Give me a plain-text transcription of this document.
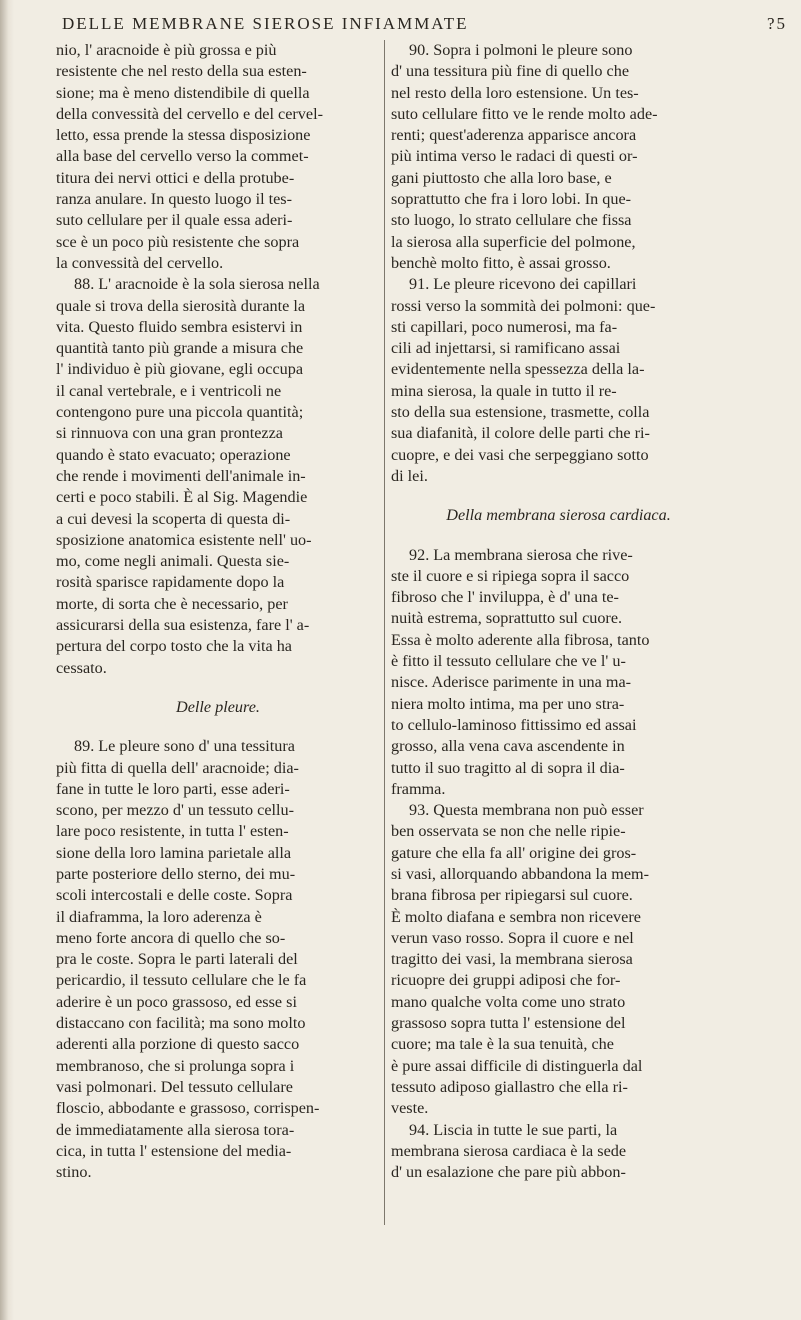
DELLE MEMBRANE SIEROSE INFIAMMATE	?5
nio, l' aracnoide è più grossa e più
resistente che nel resto della sua esten-
sione; ma è meno distendibile di quella
della convessità del cervello e del cervel-
letto, essa prende la stessa disposizione
alla base del cervello verso la commet-
titura dei nervi ottici e della protube-
ranza anulare. In questo luogo il tes-
suto cellulare per il quale essa aderi-
sce è un poco più resistente che sopra
la convessità del cervello.
88. L' aracnoide è la sola sierosa nella
quale si trova della sierosità durante la
vita. Questo fluido sembra esistervi in
quantità tanto più grande a misura che
l' individuo è più giovane, egli occupa
il canal vertebrale, e i ventricoli ne
contengono pure una piccola quantità;
si rinnuova con una gran prontezza
quando è stato evacuato; operazione
che rende i movimenti dell'animale in-
certi e poco stabili. È al Sig. Magendie
a cui devesi la scoperta di questa di-
sposizione anatomica esistente nell' uo-
mo, come negli animali. Questa sie-
rosità sparisce rapidamente dopo la
morte, di sorta che è necessario, per
assicurarsi della sua esistenza, fare l' a-
pertura del corpo tosto che la vita ha
cessato.
Delle pleure.
89. Le pleure sono d' una tessitura
più fitta di quella dell' aracnoide; dia-
fane in tutte le loro parti, esse aderi-
scono, per mezzo d' un tessuto cellu-
lare poco resistente, in tutta l' esten-
sione della loro lamina parietale alla
parte posteriore dello sterno, dei mu-
scoli intercostali e delle coste. Sopra
il diaframma, la loro aderenza è
meno forte ancora di quello che so-
pra le coste. Sopra le parti laterali del
pericardio, il tessuto cellulare che le fa
aderire è un poco grassoso, ed esse si
distaccano con facilità; ma sono molto
aderenti alla porzione di questo sacco
membranoso, che si prolunga sopra i
vasi polmonari. Del tessuto cellulare
floscio, abbodante e grassoso, corrispen-
de immediatamente alla sierosa tora-
cica, in tutta l' estensione del media-
stino.
90. Sopra i polmoni le pleure sono
d' una tessitura più fine di quello che
nel resto della loro estensione. Un tes-
suto cellulare fitto ve le rende molto ade-
renti; quest'aderenza apparisce ancora
più intima verso le radaci di questi or-
gani piuttosto che alla loro base, e
soprattutto che fra i loro lobi. In que-
sto luogo, lo strato cellulare che fissa
la sierosa alla superficie del polmone,
benchè molto fitto, è assai grosso.
91. Le pleure ricevono dei capillari
rossi verso la sommità dei polmoni: que-
sti capillari, poco numerosi, ma fa-
cili ad injettarsi, si ramificano assai
evidentemente nella spessezza della la-
mina sierosa, la quale in tutto il re-
sto della sua estensione, trasmette, colla
sua diafanità, il colore delle parti che ri-
cuopre, e dei vasi che serpeggiano sotto
di lei.
Della membrana sierosa cardiaca.
92. La membrana sierosa che rive-
ste il cuore e si ripiega sopra il sacco
fibroso che l' inviluppa, è d' una te-
nuità estrema, soprattutto sul cuore.
Essa è molto aderente alla fibrosa, tanto
è fitto il tessuto cellulare che ve l' u-
nisce. Aderisce parimente in una ma-
niera molto intima, ma per uno stra-
to cellulo-laminoso fittissimo ed assai
grosso, alla vena cava ascendente in
tutto il suo tragitto al di sopra il dia-
framma.
93. Questa membrana non può esser
ben osservata se non che nelle ripie-
gature che ella fa all' origine dei gros-
si vasi, allorquando abbandona la mem-
brana fibrosa per ripiegarsi sul cuore.
È molto diafana e sembra non ricevere
verun vaso rosso. Sopra il cuore e nel
tragitto dei vasi, la membrana sierosa
ricuopre dei gruppi adiposi che for-
mano qualche volta come uno strato
grassoso sopra tutta l' estensione del
cuore; ma tale è la sua tenuità, che
è pure assai difficile di distinguerla dal
tessuto adiposo giallastro che ella ri-
veste.
94. Liscia in tutte le sue parti, la
membrana sierosa cardiaca è la sede
d' un esalazione che pare più abbon-
